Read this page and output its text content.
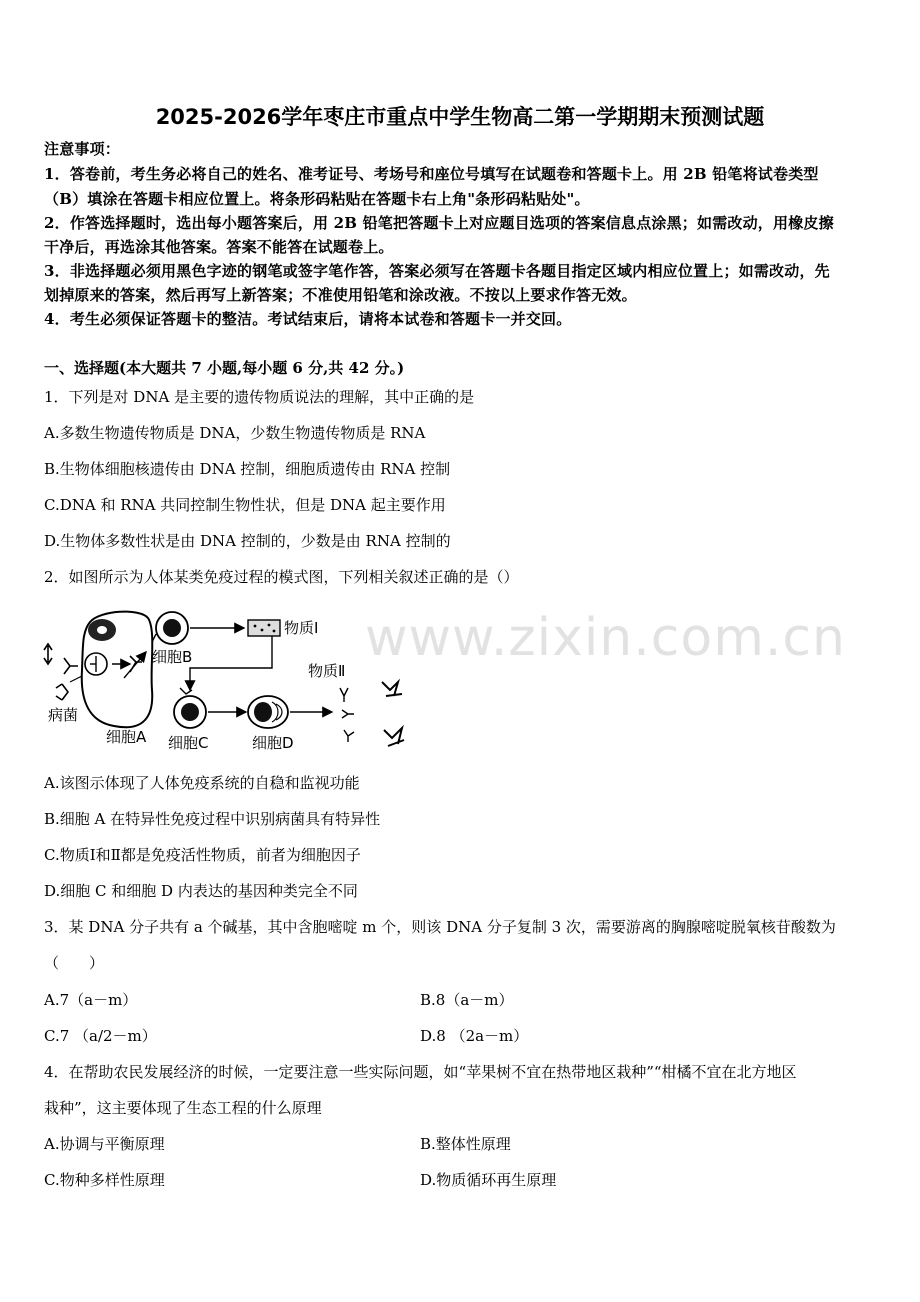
2025-2026学年枣庄市重点中学生物高二第一学期期末预测试题
注意事项：
1．答卷前，考生务必将自己的姓名、准考证号、考场号和座位号填写在试题卷和答题卡上。用 2B 铅笔将试卷类型
（B）填涂在答题卡相应位置上。将条形码粘贴在答题卡右上角"条形码粘贴处"。
2．作答选择题时，选出每小题答案后，用 2B 铅笔把答题卡上对应题目选项的答案信息点涂黑；如需改动，用橡皮擦
干净后，再选涂其他答案。答案不能答在试题卷上。
3．非选择题必须用黑色字迹的钢笔或签字笔作答，答案必须写在答题卡各题目指定区域内相应位置上；如需改动，先
划掉原来的答案，然后再写上新答案；不准使用铅笔和涂改液。不按以上要求作答无效。
4．考生必须保证答题卡的整洁。考试结束后，请将本试卷和答题卡一并交回。
一、选择题(本大题共 7 小题,每小题 6 分,共 42 分。)
1．下列是对 DNA 是主要的遗传物质说法的理解，其中正确的是
A.多数生物遗传物质是 DNA，少数生物遗传物质是 RNA
B.生物体细胞核遗传由 DNA 控制，细胞质遗传由 RNA 控制
C.DNA 和 RNA 共同控制生物性状，但是 DNA 起主要作用
D.生物体多数性状是由 DNA 控制的，少数是由 RNA 控制的
2．如图所示为人体某类免疫过程的模式图，下列相关叙述正确的是（）
www.zixin.com.cn
病菌
细胞A
细胞B
物质Ⅰ
细胞C	细胞D
物质Ⅱ
A.该图示体现了人体免疫系统的自稳和监视功能
B.细胞 A 在特异性免疫过程中识别病菌具有特异性
C.物质Ⅰ和Ⅱ都是免疫活性物质，前者为细胞因子
D.细胞 C 和细胞 D 内表达的基因种类完全不同
3．某 DNA 分子共有 a 个碱基，其中含胞嘧啶 m 个，则该 DNA 分子复制 3 次，需要游离的胸腺嘧啶脱氧核苷酸数为
（　　）
A.7（a－m）	B.8（a－m）
C.7 （a/2－m）	D.8 （2a－m）
4．在帮助农民发展经济的时候，一定要注意一些实际问题，如“苹果树不宜在热带地区栽种”“柑橘不宜在北方地区
栽种”，这主要体现了生态工程的什么原理
A.协调与平衡原理	B.整体性原理
C.物种多样性原理	D.物质循环再生原理
